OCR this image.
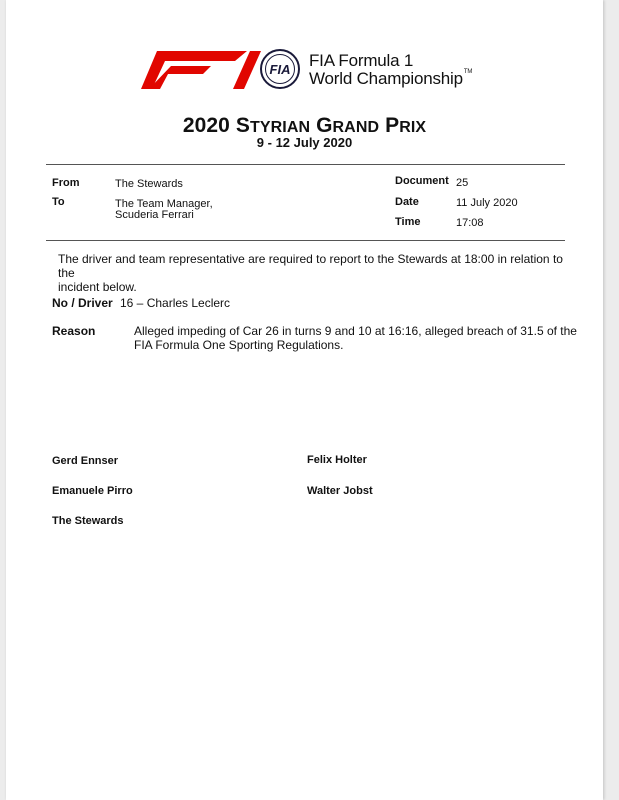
FIA FIA Formula 1
World Championship™
2020 STYRIAN GRAND PRIX
9 - 12 July 2020
From	The Stewards
To	The Team Manager,
Scuderia Ferrari
Document 25
Date	11 July 2020
Time	17:08
The driver and team representative are required to report to the Stewards at 18:00 in relation to the
incident below.
No / Driver 16 – Charles Leclerc
Reason	Alleged impeding of Car 26 in turns 9 and 10 at 16:16, alleged breach of 31.5 of the
FIA Formula One Sporting Regulations.
Gerd Ennser	Felix Holter
Emanuele Pirro	Walter Jobst
The Stewards
